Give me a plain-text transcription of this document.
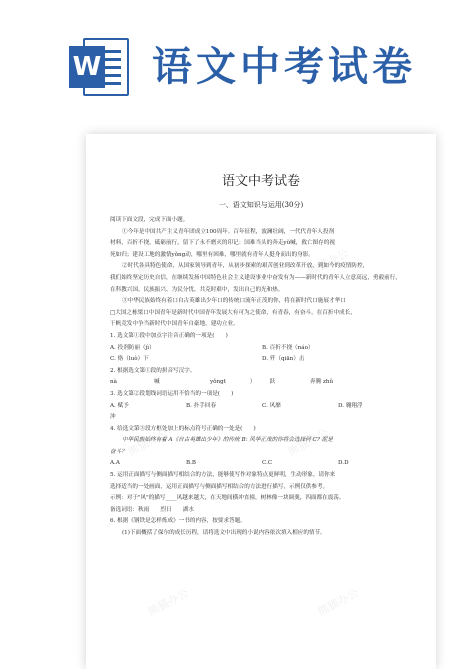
W 语文中考试卷
熊猫办公	熊猫办公
熊猫办公	熊猫办公
熊猫办公	熊猫办公
语文中考试卷
一、语文知识与运用(30分)
阅读下面文段，完成下面小题。
①今年是中国共产主义青年团成立100周年。百年征程，波澜壮阔，一代代青年人投剂
材料，百折不挠，砥砺前行，留下了永不磨灭的印记：国难当头的奔走yǔ喊，救亡图存的视
死如归；建设工地的激情yǒng动，哪里有困难，哪里就有青年人挺身而出的身影。
②时代各具特色使命，从国家领导到青年，从初步探索的艰苦创业到改革开放，到如今的疫情防控，
我们始终坚定历史自信，在继续发扬中国特色社会主义建设事业中奋发有为——新时代的青年人立意高远，勇毅前行，
在科教兴国、民族振兴、为民分忧、共克时艰中，发出自己的光和热。
③中华民族始终有着口自古英雄出少年口的传统口流年正茂的你，将在新时代口施展才华口
□大国之栋梁口中国青年是新时代中国青年发展大有可为之使命，有青春，有奋斗，在百折中成长，
干帆竞发中争当新时代中国青年自豪地，建功立业。
1. 选文第①段中加点字注音正确的一项是(　　)
A. 投剂防丽（jì）	B. 百折不挠（náo）
C. 烙（luò）下	D. 歼（qiān）击
2. 根据选文第①段的拼音写汉字。
nà	喊	yǒngt	）　　　跃	奔腾 zhǔ
3. 选文第②段划线词语运用不恰当的一项是(　　)
A. 赋予	B. 扑手回春	C. 风靡	D. 翱翔浮
沖
4. 给选文第③段方框处加上的标点符号正确的一处是(　　)
中华民族始终有着 A《自古英雄出少年》的传统 B: 风华正茂的你将会选择何 C? 泥是
奋斗？
A.A	B.B	C.C	D.D
5. 运用正面描写与侧面描写相结合的方法，能够使写作对象特点更鲜明，生动形象。请你来
选择适当的一处画面，运用正面描写与侧面描写相结合的方法进行描写，示例仅供参考。
示例：对于"风"的描写____风越来越大，在天地间横冲直撞，树林像一块调羹，四面都在震荡。
备选词语：秋雨　　烈日　　湖水
6. 根据《钢铁是怎样炼成》一书的内容，按要求答题。
(1)下面概括了保尔的成长历程，请将选文中出现的小说内容依次填入相应的情节。
